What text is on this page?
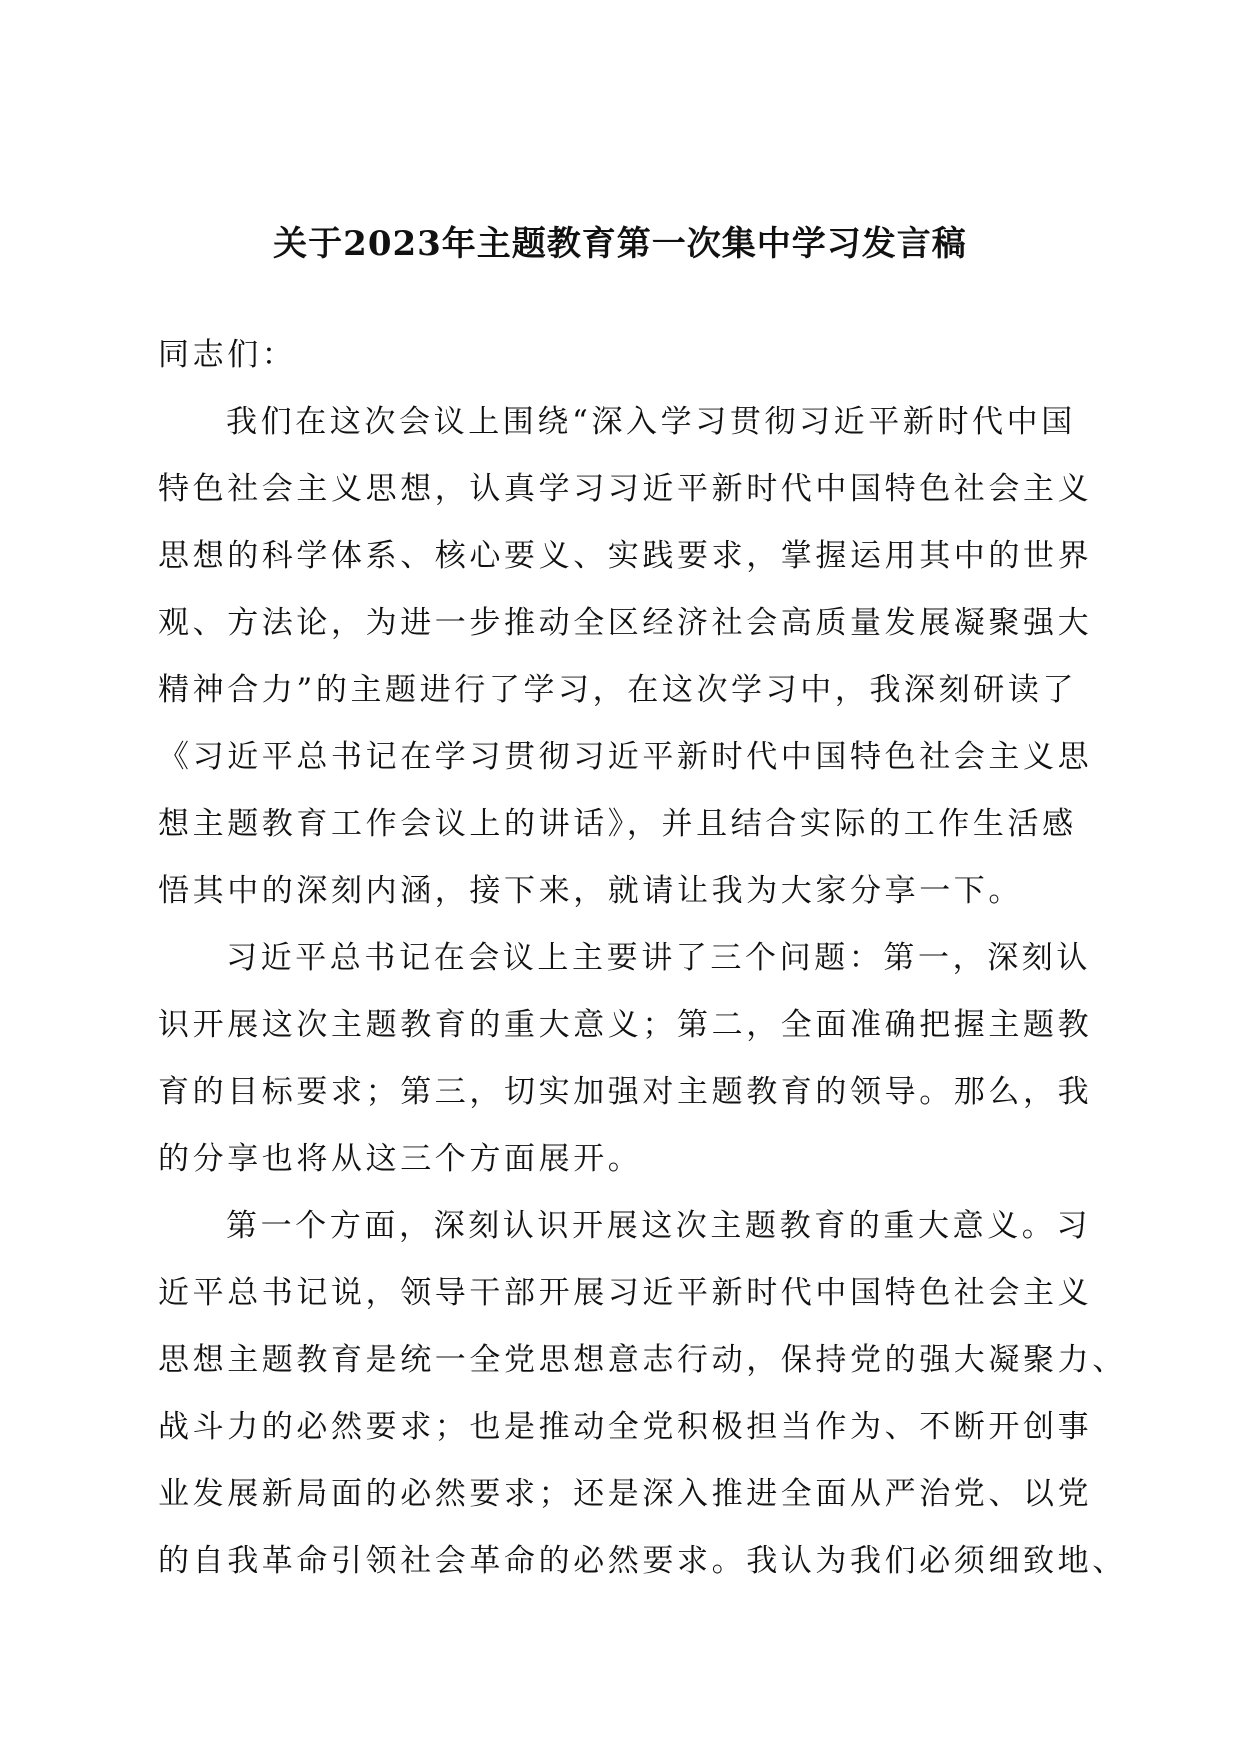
关于2023年主题教育第一次集中学习发言稿
同志们：
我们在这次会议上围绕“深入学习贯彻习近平新时代中国
特色社会主义思想，认真学习习近平新时代中国特色社会主义
思想的科学体系、核心要义、实践要求，掌握运用其中的世界
观、方法论，为进一步推动全区经济社会高质量发展凝聚强大
精神合力”的主题进行了学习，在这次学习中，我深刻研读了
《习近平总书记在学习贯彻习近平新时代中国特色社会主义思
想主题教育工作会议上的讲话》，并且结合实际的工作生活感
悟其中的深刻内涵，接下来，就请让我为大家分享一下。
习近平总书记在会议上主要讲了三个问题：第一，深刻认
识开展这次主题教育的重大意义；第二，全面准确把握主题教
育的目标要求；第三，切实加强对主题教育的领导。那么，我
的分享也将从这三个方面展开。
第一个方面，深刻认识开展这次主题教育的重大意义。习
近平总书记说，领导干部开展习近平新时代中国特色社会主义
思想主题教育是统一全党思想意志行动，保持党的强大凝聚力、
战斗力的必然要求；也是推动全党积极担当作为、不断开创事
业发展新局面的必然要求；还是深入推进全面从严治党、以党
的自我革命引领社会革命的必然要求。我认为我们必须细致地、
